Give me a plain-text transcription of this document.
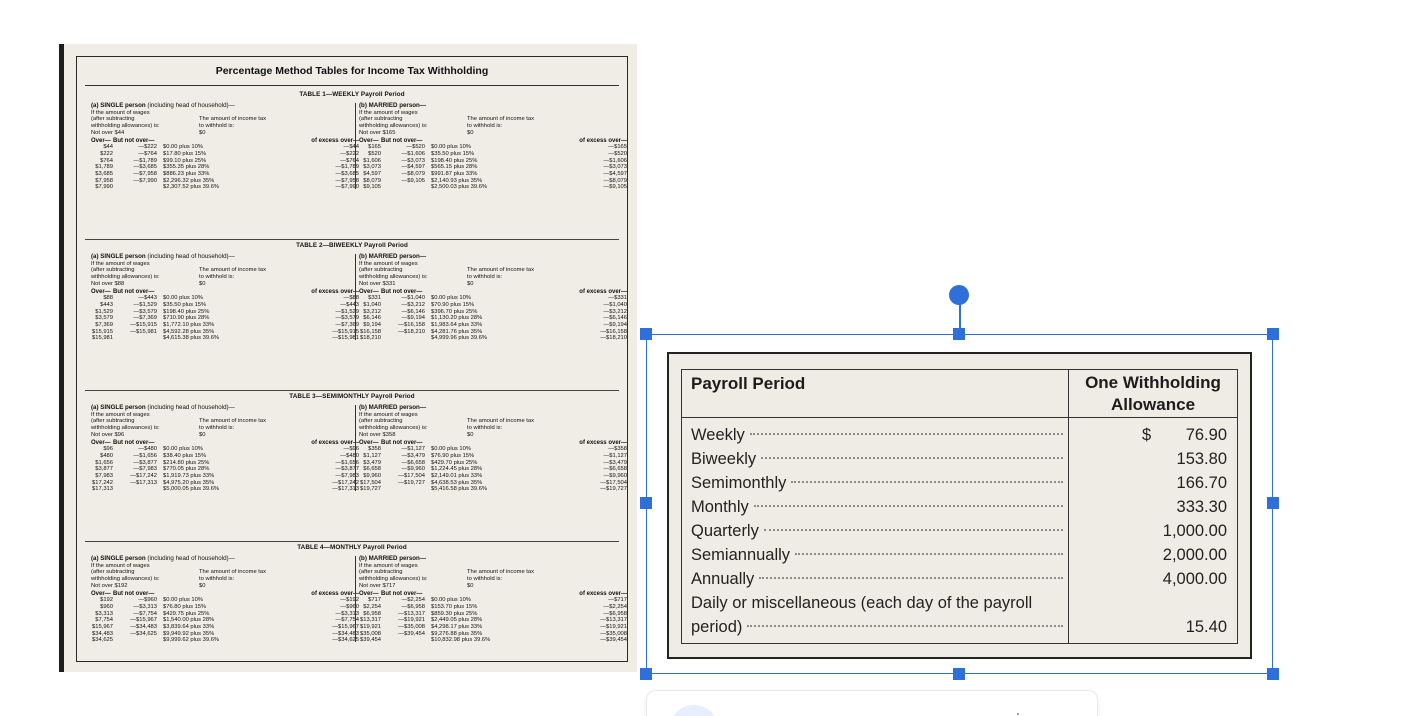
Percentage Method Tables for Income Tax Withholding
TABLE 1—WEEKLY Payroll Period
(a) SINGLE person (including head of household)—
If the amount of wages

(after subtracting	The amount of income tax
withholding allowances) is:	to withhold is:
Not over $44	$0
Over— But not over—	of excess over—
$44	—$222	$0.00 plus 10%	—$44
$222	—$764	$17.80 plus 15%	—$222
$764	—$1,789	$99.10 plus 25%	—$764
$1,789	—$3,685	$355.35 plus 28%	—$1,789
$3,685	—$7,958	$886.23 plus 33%	—$3,685
$7,958	—$7,990	$2,296.32 plus 35%	—$7,958
$7,990	$2,307.52 plus 39.6%	—$7,990
(b) MARRIED person—
If the amount of wages

(after subtracting	The amount of income tax
withholding allowances) is:	to withhold is:
Not over $165	$0
Over— But not over—	of excess over—
$165	—$520	$0.00 plus 10%	—$165
$520	—$1,606	$35.50 plus 15%	—$520
$1,606	—$3,073	$198.40 plus 25%	—$1,606
$3,073	—$4,597	$565.15 plus 28%	—$3,073
$4,597	—$8,079	$991.87 plus 33%	—$4,597
$8,079	—$9,105	$2,140.93 plus 35%	—$8,079
$9,105	$2,500.03 plus 39.6%	—$9,105
TABLE 2—BIWEEKLY Payroll Period
(a) SINGLE person (including head of household)—
If the amount of wages

(after subtracting	The amount of income tax
withholding allowances) is:	to withhold is:
Not over $88	$0
Over— But not over—	of excess over—
$88	—$443	$0.00 plus 10%	—$88
$443	—$1,529	$35.50 plus 15%	—$443
$1,529	—$3,579	$198.40 plus 25%	—$1,529
$3,579	—$7,369	$710.90 plus 28%	—$3,579
$7,369	—$15,915	$1,772.10 plus 33%	—$7,369
$15,915	—$15,981	$4,592.28 plus 35%	—$15,915
$15,981	$4,615.38 plus 39.6%	—$15,981
(b) MARRIED person—
If the amount of wages

(after subtracting	The amount of income tax
withholding allowances) is:	to withhold is:
Not over $331	$0
Over— But not over—	of excess over—
$331	—$1,040	$0.00 plus 10%	—$331
$1,040	—$3,212	$70.90 plus 15%	—$1,040
$3,212	—$6,146	$396.70 plus 25%	—$3,212
$6,146	—$9,194	$1,130.20 plus 28%	—$6,146
$9,194	—$16,158	$1,983.64 plus 33%	—$9,194
$16,158	—$18,210	$4,281.76 plus 35%	—$16,158
$18,210	$4,999.96 plus 39.6%	—$18,210
TABLE 3—SEMIMONTHLY Payroll Period
(a) SINGLE person (including head of household)—
If the amount of wages

(after subtracting	The amount of income tax
withholding allowances) is:	to withhold is:
Not over $96	$0
Over— But not over—	of excess over—
$96	—$480	$0.00 plus 10%	—$96
$480	—$1,656	$38.40 plus 15%	—$480
$1,656	—$3,877	$214.80 plus 25%	—$1,656
$3,877	—$7,983	$770.05 plus 28%	—$3,877
$7,983	—$17,242	$1,919.73 plus 33%	—$7,983
$17,242	—$17,313	$4,975.20 plus 35%	—$17,242
$17,313	$5,000.05 plus 39.6%	—$17,313
(b) MARRIED person—
If the amount of wages

(after subtracting	The amount of income tax
withholding allowances) is:	to withhold is:
Not over $358	$0
Over— But not over—	of excess over—
$358	—$1,127	$0.00 plus 10%	—$358
$1,127	—$3,479	$76.90 plus 15%	—$1,127
$3,479	—$6,658	$429.70 plus 25%	—$3,479
$6,658	—$9,960	$1,224.45 plus 28%	—$6,658
$9,960	—$17,504	$2,149.01 plus 33%	—$9,960
$17,504	—$19,727	$4,638.53 plus 35%	—$17,504
$19,727	$5,416.58 plus 39.6%	—$19,727
TABLE 4—MONTHLY Payroll Period
(a) SINGLE person (including head of household)—
If the amount of wages

(after subtracting	The amount of income tax
withholding allowances) is:	to withhold is:
Not over $192	$0
Over— But not over—	of excess over—
$192	—$960	$0.00 plus 10%	—$192
$960	—$3,313	$76.80 plus 15%	—$960
$3,313	—$7,754	$429.75 plus 25%	—$3,313
$7,754	—$15,967	$1,540.00 plus 28%	—$7,754
$15,967	—$34,483	$3,839.64 plus 33%	—$15,967
$34,483	—$34,625	$9,949.92 plus 35%	—$34,483
$34,625	$9,999.62 plus 39.6%	—$34,625
(b) MARRIED person—
If the amount of wages

(after subtracting	The amount of income tax
withholding allowances) is:	to withhold is:
Not over $717	$0
Over— But not over—	of excess over—
$717	—$2,254	$0.00 plus 10%	—$717
$2,254	—$6,958	$153.70 plus 15%	—$2,254
$6,958	—$13,317	$859.30 plus 25%	—$6,958
$13,317	—$19,921	$2,449.05 plus 28%	—$13,317
$19,921	—$35,008	$4,298.17 plus 33%	—$19,921
$35,008	—$39,454	$9,276.88 plus 35%	—$35,008
$39,454	$10,832.98 plus 39.6%	—$39,454
Payroll Period	One Withholding Allowance
Weekly	$ 76.90
Biweekly	153.80
Semimonthly	166.70
Monthly	333.30
Quarterly	1,000.00
Semiannually	2,000.00
Annually	4,000.00
Daily or miscellaneous (each day of the payroll
period)	15.40
